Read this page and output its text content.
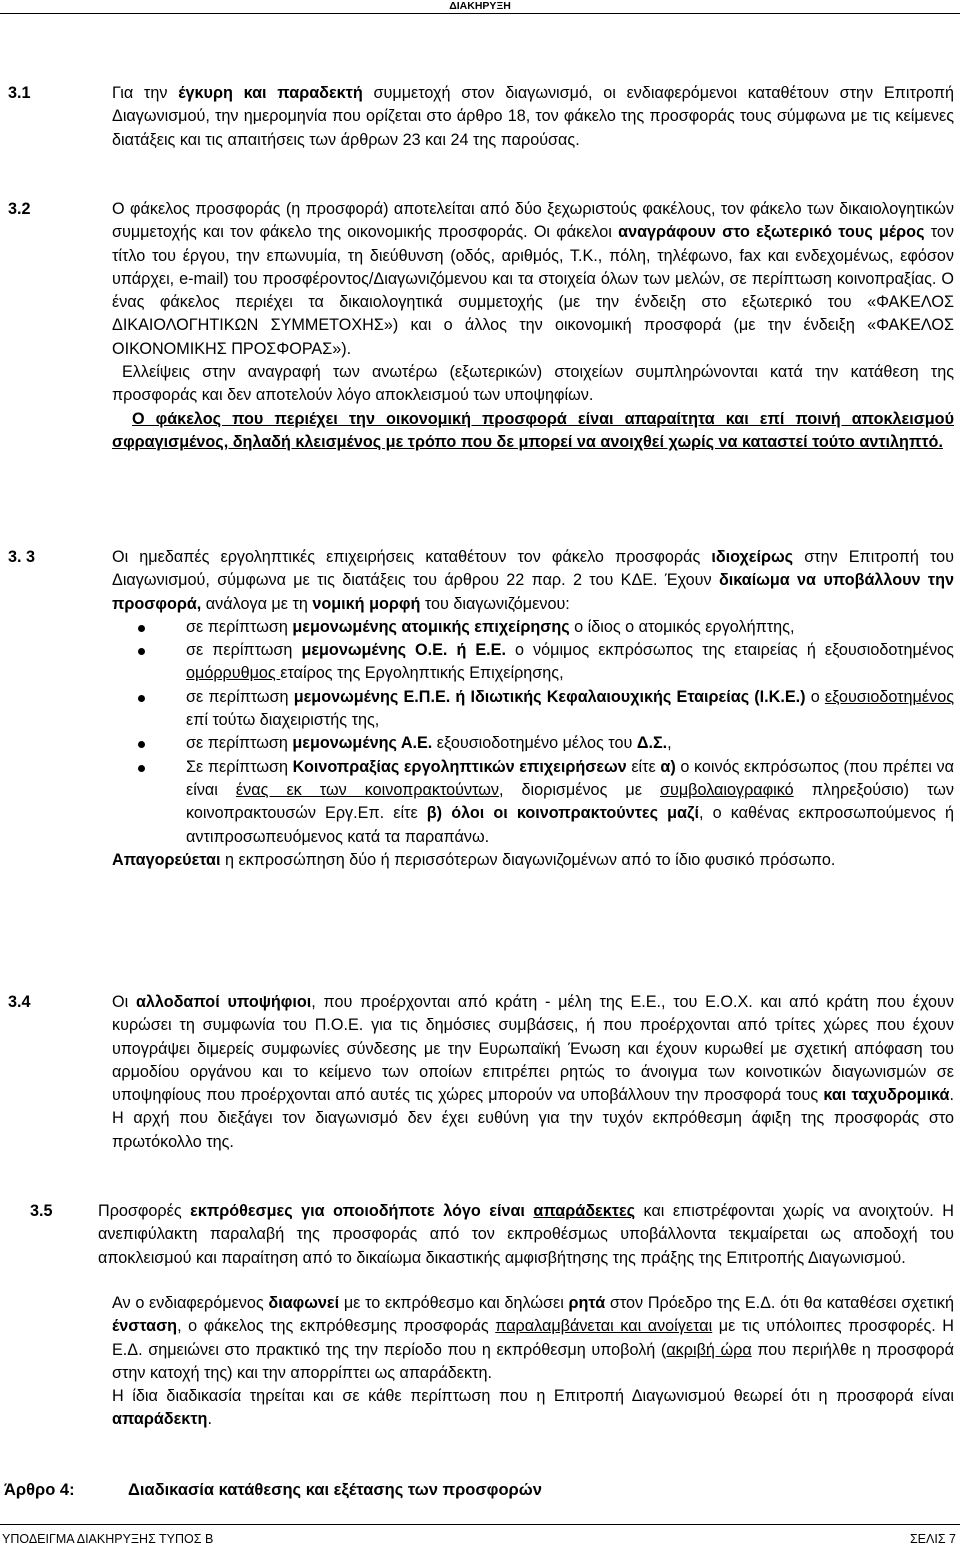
ΔΙΑΚΗΡΥΞΗ
3.1	Για την έγκυρη και παραδεκτή συμμετοχή στον διαγωνισμό, οι ενδιαφερόμενοι καταθέτουν στην Επιτροπή Διαγωνισμού, την ημερομηνία που ορίζεται στο άρθρο 18, τον φάκελο της προσφοράς τους σύμφωνα με τις κείμενες διατάξεις και τις απαιτήσεις των άρθρων 23 και 24 της παρούσας.

3.2	Ο φάκελος προσφοράς (η προσφορά) αποτελείται από δύο ξεχωριστούς φακέλους, τον φάκελο των δικαιολογητικών συμμετοχής και τον φάκελο της οικονομικής προσφοράς. Οι φάκελοι αναγράφουν στο εξωτερικό τους μέρος τον τίτλο του έργου, την επωνυμία, τη διεύθυνση (οδός, αριθμός, Τ.Κ., πόλη, τηλέφωνο, fax και ενδεχομένως, εφόσον υπάρχει, e-mail) του προσφέροντος/Διαγωνιζόμενου και τα στοιχεία όλων των μελών, σε περίπτωση κοινοπραξίας. Ο ένας φάκελος περιέχει τα δικαιολογητικά συμμετοχής (με την ένδειξη στο εξωτερικό του «ΦΑΚΕΛΟΣ ΔΙΚΑΙΟΛΟΓΗΤΙΚΩΝ ΣΥΜΜΕΤΟΧΗΣ») και ο άλλος την οικονομική προσφορά (με την ένδειξη «ΦΑΚΕΛΟΣ ΟΙΚΟΝΟΜΙΚΗΣ ΠΡΟΣΦΟΡΑΣ»).

Ελλείψεις στην αναγραφή των ανωτέρω (εξωτερικών) στοιχείων συμπληρώνονται κατά την κατάθεση της προσφοράς και δεν αποτελούν λόγο αποκλεισμού των υποψηφίων.

Ο φάκελος που περιέχει την οικονομική προσφορά είναι απαραίτητα και επί ποινή αποκλεισμού σφραγισμένος, δηλαδή κλεισμένος με τρόπο που δε μπορεί να ανοιχθεί χωρίς να καταστεί τούτο αντιληπτό.

3. 3	Οι ημεδαπές εργοληπτικές επιχειρήσεις καταθέτουν τον φάκελο προσφοράς ιδιοχείρως στην Επιτροπή του Διαγωνισμού, σύμφωνα με τις διατάξεις του άρθρου 22 παρ. 2 του ΚΔΕ. Έχουν δικαίωμα να υποβάλλουν την προσφορά, ανάλογα με τη νομική μορφή του διαγωνιζόμενου:

σε περίπτωση μεμονωμένης ατομικής επιχείρησης ο ίδιος ο ατομικός εργολήπτης,
σε περίπτωση μεμονωμένης Ο.Ε. ή Ε.Ε. ο νόμιμος εκπρόσωπος της εταιρείας ή εξουσιοδοτημένος ομόρρυθμος εταίρος της Εργοληπτικής Επιχείρησης,
σε περίπτωση μεμονωμένης Ε.Π.Ε. ή Ιδιωτικής Κεφαλαιουχικής Εταιρείας (Ι.Κ.Ε.) ο εξουσιοδοτημένος επί τούτω διαχειριστής της,
σε περίπτωση μεμονωμένης Α.Ε. εξουσιοδοτημένο μέλος του Δ.Σ.,
Σε περίπτωση Κοινοπραξίας εργοληπτικών επιχειρήσεων είτε α) ο κοινός εκπρόσωπος (που πρέπει να είναι ένας εκ των κοινοπρακτούντων, διορισμένος με συμβολαιογραφικό πληρεξούσιο) των κοινοπρακτουσών Εργ.Επ. είτε β) όλοι οι κοινοπρακτούντες μαζί, ο καθένας εκπροσωπούμενος ή αντιπροσωπευόμενος κατά τα παραπάνω.

Απαγορεύεται η εκπροσώπηση δύο ή περισσότερων διαγωνιζομένων από το ίδιο φυσικό πρόσωπο.

3.4	Οι αλλοδαποί υποψήφιοι, που προέρχονται από κράτη - μέλη της Ε.Ε., του Ε.Ο.Χ. και από κράτη που έχουν κυρώσει τη συμφωνία του Π.Ο.Ε. για τις δημόσιες συμβάσεις, ή που προέρχονται από τρίτες χώρες που έχουν υπογράψει διμερείς συμφωνίες σύνδεσης με την Ευρωπαϊκή Ένωση και έχουν κυρωθεί με σχετική απόφαση του αρμοδίου οργάνου και το κείμενο των οποίων επιτρέπει ρητώς το άνοιγμα των κοινοτικών διαγωνισμών σε υποψηφίους που προέρχονται από αυτές τις χώρες μπορούν να υποβάλλουν την προσφορά τους και ταχυδρομικά. Η αρχή που διεξάγει τον διαγωνισμό δεν έχει ευθύνη για την τυχόν εκπρόθεσμη άφιξη της προσφοράς στο πρωτόκολλο της.

3.5	Προσφορές εκπρόθεσμες για οποιοδήποτε λόγο είναι απαράδεκτες και επιστρέφονται χωρίς να ανοιχτούν. Η ανεπιφύλακτη παραλαβή της προσφοράς από τον εκπροθέσμως υποβάλλοντα τεκμαίρεται ως αποδοχή του αποκλεισμού και παραίτηση από το δικαίωμα δικαστικής αμφισβήτησης της πράξης της Επιτροπής Διαγωνισμού.

Αν ο ενδιαφερόμενος διαφωνεί με το εκπρόθεσμο και δηλώσει ρητά στον Πρόεδρο της Ε.Δ. ότι θα καταθέσει σχετική ένσταση, ο φάκελος της εκπρόθεσμης προσφοράς παραλαμβάνεται και ανοίγεται με τις υπόλοιπες προσφορές. Η Ε.Δ. σημειώνει στο πρακτικό της την περίοδο που η εκπρόθεσμη υποβολή (ακριβή ώρα που περιήλθε η προσφορά στην κατοχή της) και την απορρίπτει ως απαράδεκτη.

Η ίδια διαδικασία τηρείται και σε κάθε περίπτωση που η Επιτροπή Διαγωνισμού θεωρεί ότι η προσφορά είναι απαράδεκτη.

Άρθρο 4:	Διαδικασία κατάθεσης και εξέτασης των προσφορών
ΥΠΟΔΕΙΓΜΑ ΔΙΑΚΗΡΥΞΗΣ ΤΥΠΟΣ Β	ΣΕΛΙΣ 7
